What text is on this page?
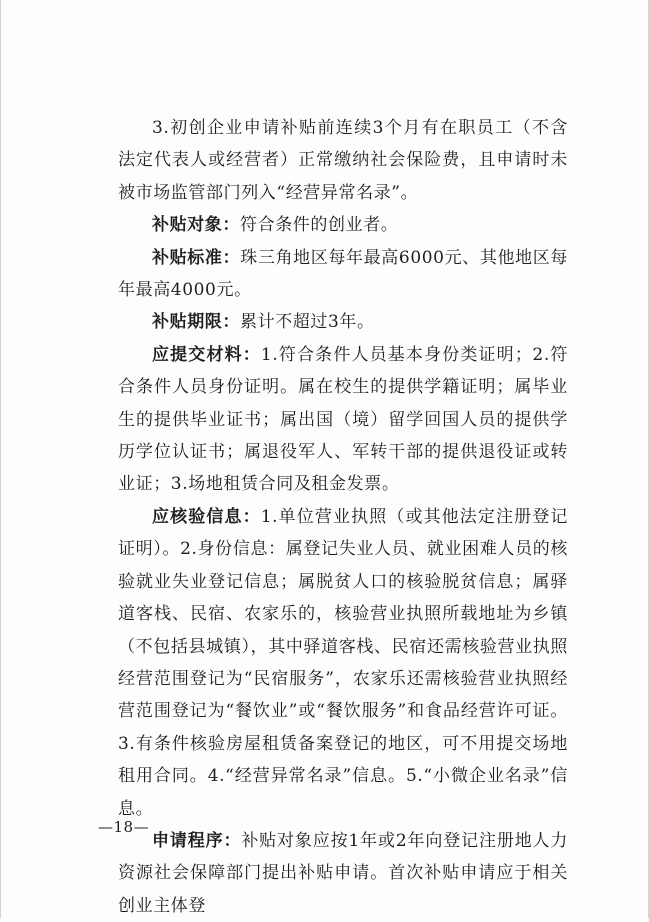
3.初创企业申请补贴前连续3个月有在职员工（不含法定代表人或经营者）正常缴纳社会保险费，且申请时未被市场监管部门列入“经营异常名录”。

补贴对象：符合条件的创业者。

补贴标准：珠三角地区每年最高6000元、其他地区每年最高4000元。

补贴期限：累计不超过3年。

应提交材料：1.符合条件人员基本身份类证明；2.符合条件人员身份证明。属在校生的提供学籍证明；属毕业生的提供毕业证书；属出国（境）留学回国人员的提供学历学位认证书；属退役军人、军转干部的提供退役证或转业证；3.场地租赁合同及租金发票。

应核验信息：1.单位营业执照（或其他法定注册登记证明）。2.身份信息：属登记失业人员、就业困难人员的核验就业失业登记信息；属脱贫人口的核验脱贫信息；属驿道客栈、民宿、农家乐的，核验营业执照所载地址为乡镇（不包括县城镇），其中驿道客栈、民宿还需核验营业执照经营范围登记为“民宿服务”，农家乐还需核验营业执照经营范围登记为“餐饮业”或“餐饮服务”和食品经营许可证。3.有条件核验房屋租赁备案登记的地区，可不用提交场地租用合同。4.“经营异常名录”信息。5.“小微企业名录”信息。

申请程序：补贴对象应按1年或2年向登记注册地人力资源社会保障部门提出补贴申请。首次补贴申请应于相关创业主体登

—18—
